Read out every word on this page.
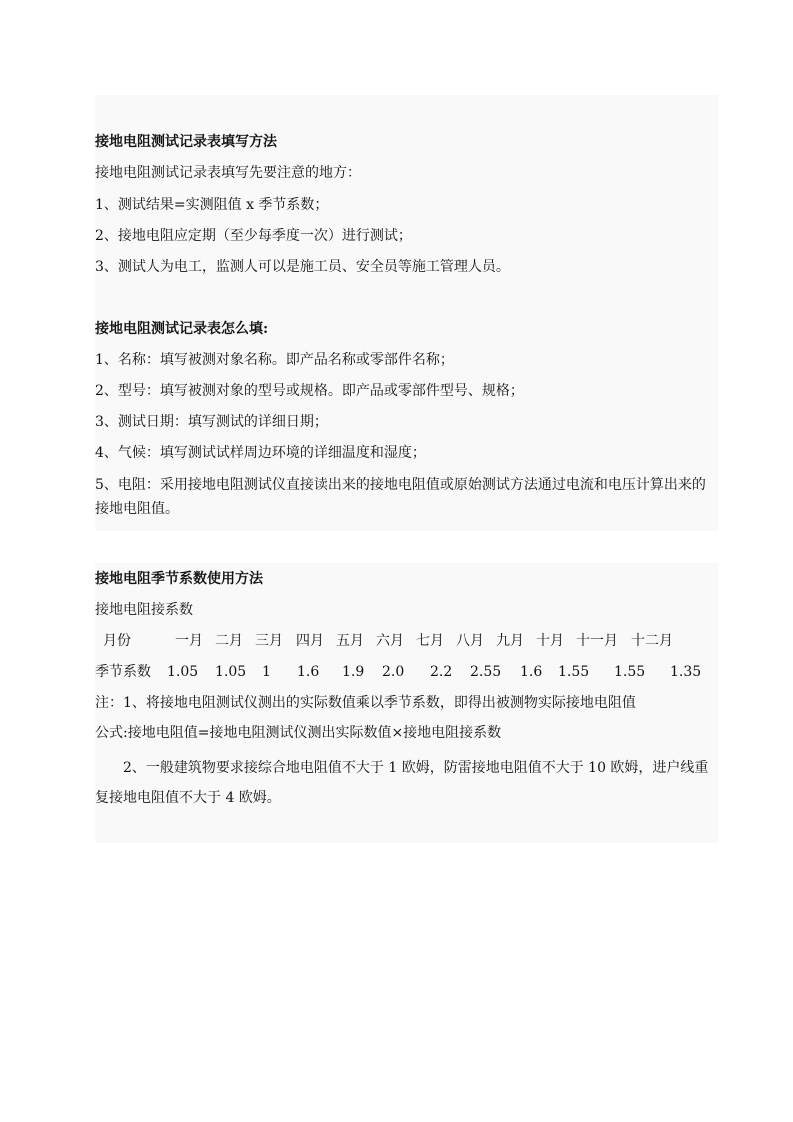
接地电阻测试记录表填写方法
接地电阻测试记录表填写先要注意的地方：
1、测试结果=实测阻值 x 季节系数；
2、接地电阻应定期（至少每季度一次）进行测试；
3、测试人为电工，监测人可以是施工员、安全员等施工管理人员。
接地电阻测试记录表怎么填:
1、名称：填写被测对象名称。即产品名称或零部件名称；
2、型号：填写被测对象的型号或规格。即产品或零部件型号、规格；
3、测试日期：填写测试的详细日期；
4、气候：填写测试试样周边环境的详细温度和湿度；
5、电阻：采用接地电阻测试仪直接读出来的接地电阻值或原始测试方法通过电流和电压计算出来的接地电阻值。
接地电阻季节系数使用方法
接地电阻接系数
月份	一月 二月 三月 四月 五月 六月 七月 八月 九月 十月 十一月 十二月
季节系数 1.05 1.05 1 1.6 1.9 2.0 2.2 2.55 1.6 1.55 1.55 1.35
注：1、将接地电阻测试仪测出的实际数值乘以季节系数，即得出被测物实际接地电阻值
公式:接地电阻值=接地电阻测试仪测出实际数值×接地电阻接系数
2、一般建筑物要求接综合地电阻值不大于 1 欧姆，防雷接地电阻值不大于 10 欧姆，进户线重复接地电阻值不大于 4 欧姆。
